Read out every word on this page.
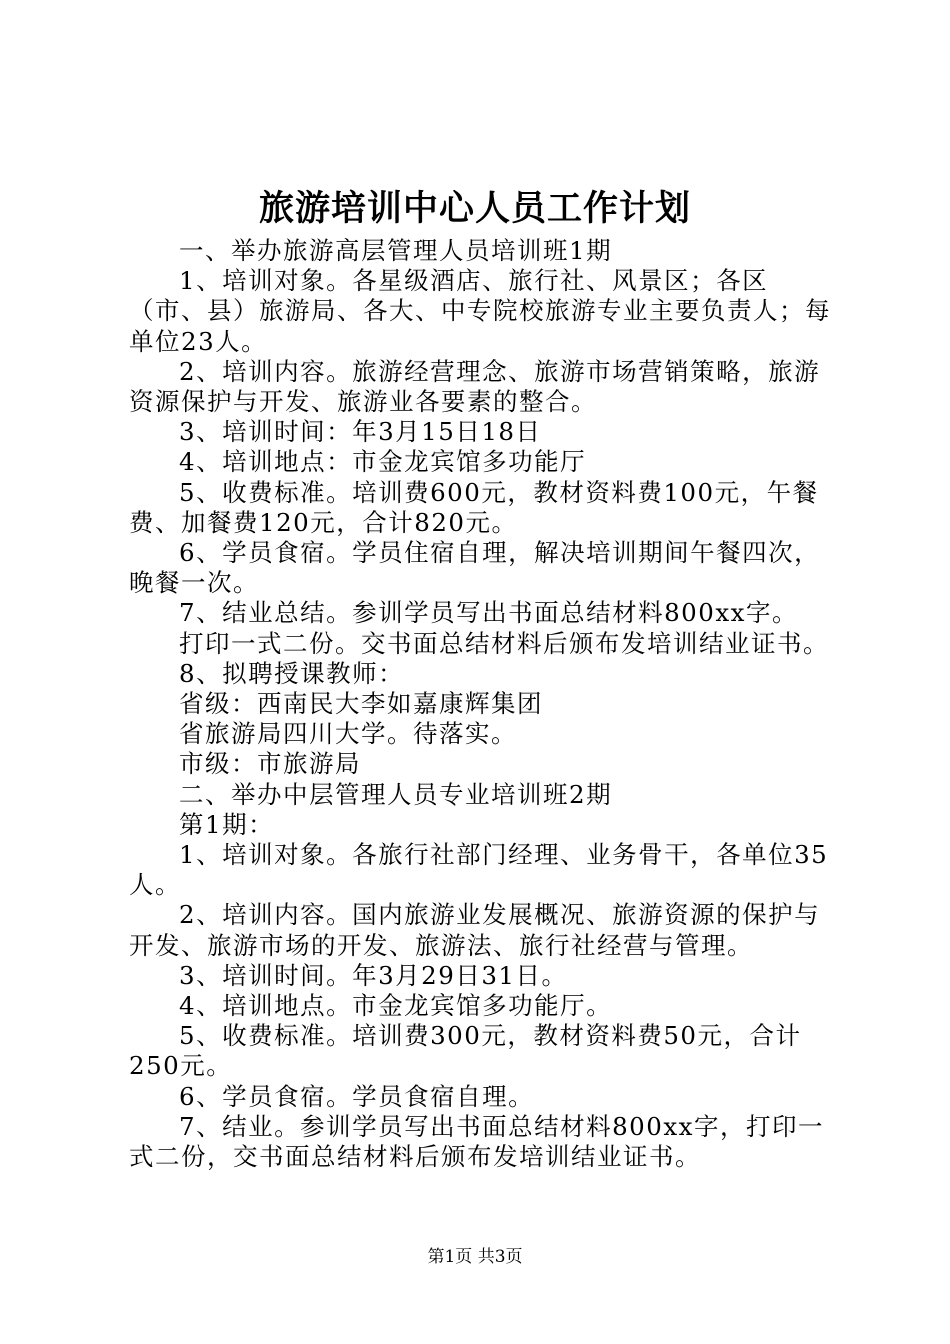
旅游培训中心人员工作计划

一、举办旅游高层管理人员培训班1期

1、培训对象。各星级酒店、旅行社、风景区；各区（市、县）旅游局、各大、中专院校旅游专业主要负责人；每单位23人。

2、培训内容。旅游经营理念、旅游市场营销策略，旅游资源保护与开发、旅游业各要素的整合。

3、培训时间：年3月15日18日

4、培训地点：市金龙宾馆多功能厅

5、收费标准。培训费600元，教材资料费100元，午餐费、加餐费120元，合计820元。

6、学员食宿。学员住宿自理，解决培训期间午餐四次，晚餐一次。

7、结业总结。参训学员写出书面总结材料800xx字。

打印一式二份。交书面总结材料后颁布发培训结业证书。

8、拟聘授课教师：

省级：西南民大李如嘉康辉集团

省旅游局四川大学。待落实。

市级：市旅游局

二、举办中层管理人员专业培训班2期

第1期：

1、培训对象。各旅行社部门经理、业务骨干，各单位35人。

2、培训内容。国内旅游业发展概况、旅游资源的保护与开发、旅游市场的开发、旅游法、旅行社经营与管理。

3、培训时间。年3月29日31日。

4、培训地点。市金龙宾馆多功能厅。

5、收费标准。培训费300元，教材资料费50元，合计250元。

6、学员食宿。学员食宿自理。

7、结业。参训学员写出书面总结材料800xx字，打印一式二份，交书面总结材料后颁布发培训结业证书。

第1页 共3页
